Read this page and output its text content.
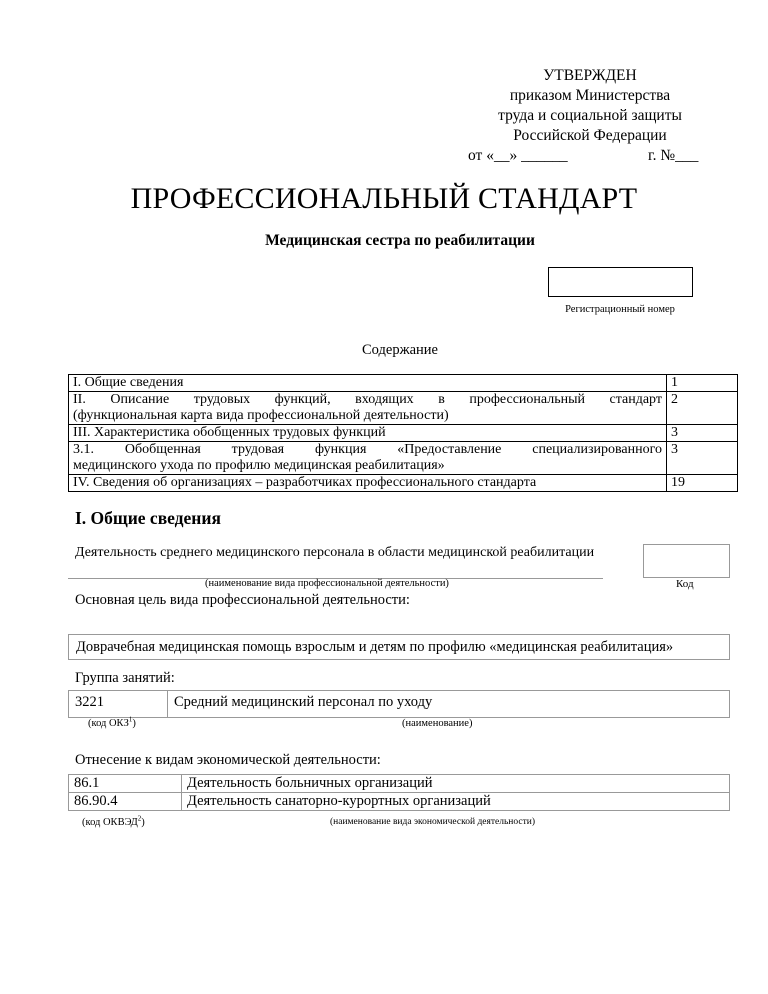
УТВЕРЖДЕН
приказом Министерства
труда и социальной защиты
Российской Федерации
от «__» ______	г. №___
ПРОФЕССИОНАЛЬНЫЙ СТАНДАРТ
Медицинская сестра по реабилитации
Регистрационный номер
Содержание
I. Общие сведения	1

II. Описание трудовых функций, входящих в профессиональный стандарт
(функциональная карта вида профессиональной деятельности)	2

III. Характеристика обобщенных трудовых функций	3

3.1. Обобщенная трудовая функция «Предоставление специализированного
медицинского ухода по профилю медицинская реабилитация»	3

IV. Сведения об организациях – разработчиках профессионального стандарта	19
I. Общие сведения
Деятельность среднего медицинского персонала в области медицинской реабилитации
(наименование вида профессиональной деятельности)	Код
Основная цель вида профессиональной деятельности:
Доврачебная медицинская помощь взрослым и детям по профилю «медицинская реабилитация»
Группа занятий:
3221	Средний медицинский персонал по уходу
(код ОКЗ$^1$)	(наименование)
Отнесение к видам экономической деятельности:
86.1	Деятельность больничных организаций
86.90.4	Деятельность санаторно-курортных организаций
(код ОКВЭД$^2$)	(наименование вида экономической деятельности)
